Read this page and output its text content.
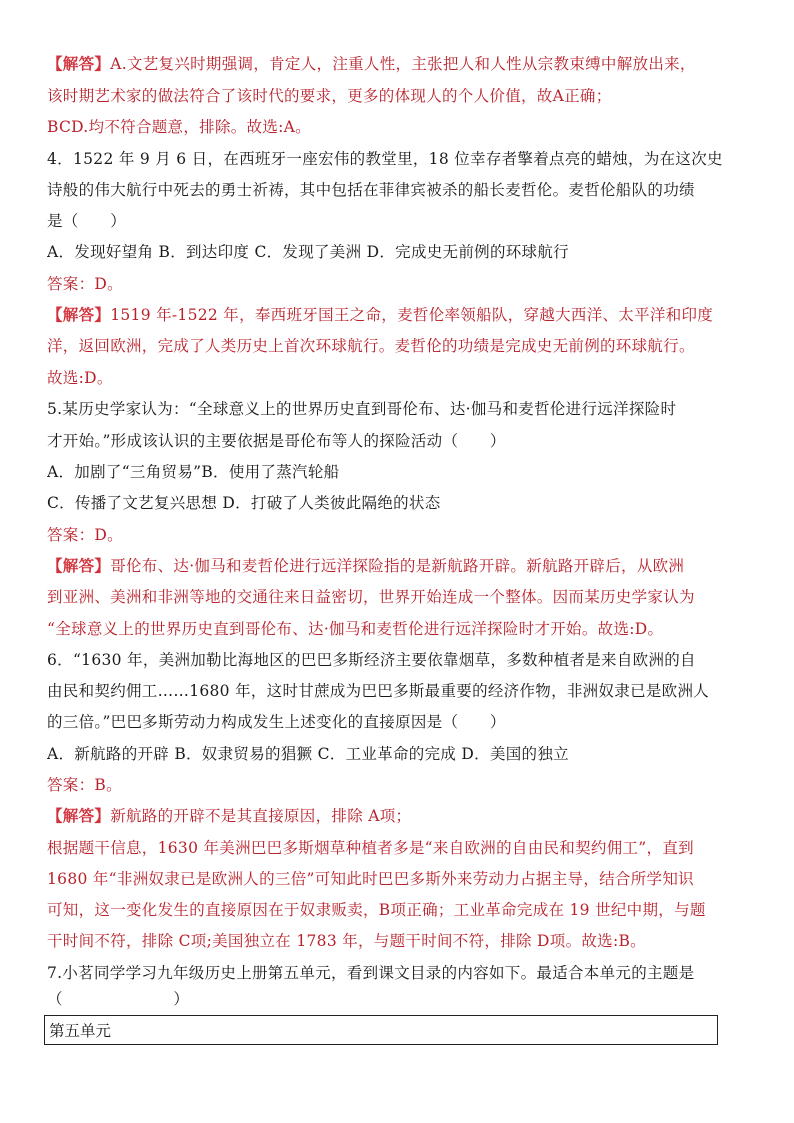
【解答】A.文艺复兴时期强调，肯定人，注重人性，主张把人和人性从宗教束缚中解放出来，
该时期艺术家的做法符合了该时代的要求，更多的体现人的个人价值，故A正确；
BCD.均不符合题意，排除。故选:A。
4．1522 年 9 月 6 日，在西班牙一座宏伟的教堂里，18 位幸存者擎着点亮的蜡烛，为在这次史
诗般的伟大航行中死去的勇士祈祷，其中包括在菲律宾被杀的船长麦哲伦。麦哲伦船队的功绩
是（　　）
A．发现好望角 B．到达印度 C．发现了美洲 D．完成史无前例的环球航行
答案：D。
【解答】1519 年-1522 年，奉西班牙国王之命，麦哲伦率领船队，穿越大西洋、太平洋和印度
洋，返回欧洲，完成了人类历史上首次环球航行。麦哲伦的功绩是完成史无前例的环球航行。
故选:D。
5.某历史学家认为：“全球意义上的世界历史直到哥伦布、达·伽马和麦哲伦进行远洋探险时
才开始。”形成该认识的主要依据是哥伦布等人的探险活动（　　）
A．加剧了“三角贸易”B．使用了蒸汽轮船
C．传播了文艺复兴思想 D．打破了人类彼此隔绝的状态
答案：D。
【解答】哥伦布、达·伽马和麦哲伦进行远洋探险指的是新航路开辟。新航路开辟后，从欧洲
到亚洲、美洲和非洲等地的交通往来日益密切，世界开始连成一个整体。因而某历史学家认为
“全球意义上的世界历史直到哥伦布、达·伽马和麦哲伦进行远洋探险时才开始。故选:D。
6．“1630 年，美洲加勒比海地区的巴巴多斯经济主要依靠烟草，多数种植者是来自欧洲的自
由民和契约佣工……1680 年，这时甘蔗成为巴巴多斯最重要的经济作物，非洲奴隶已是欧洲人
的三倍。”巴巴多斯劳动力构成发生上述变化的直接原因是（　　）
A．新航路的开辟 B．奴隶贸易的猖獗 C．工业革命的完成 D．美国的独立
答案：B。
【解答】新航路的开辟不是其直接原因，排除 A项；
根据题干信息，1630 年美洲巴巴多斯烟草种植者多是“来自欧洲的自由民和契约佣工”，直到
1680 年“非洲奴隶已是欧洲人的三倍”可知此时巴巴多斯外来劳动力占据主导，结合所学知识
可知，这一变化发生的直接原因在于奴隶贩卖，B项正确；工业革命完成在 19 世纪中期，与题
干时间不符，排除 C项;美国独立在 1783 年，与题干时间不符，排除 D项。故选:B。
7.小茗同学学习九年级历史上册第五单元，看到课文目录的内容如下。最适合本单元的主题是
（　　　　　　　）
第五单元
